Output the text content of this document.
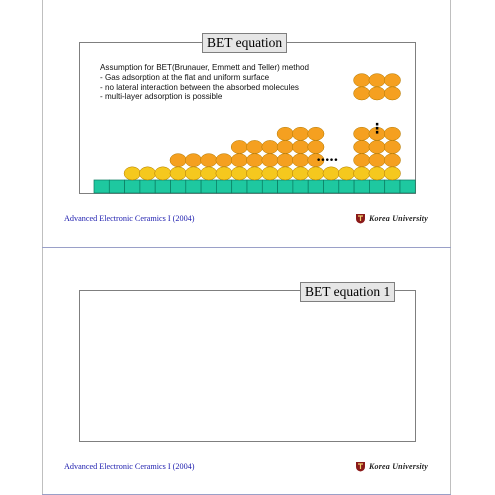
BET equation
Assumption for BET(Brunauer, Emmett and Teller) method
- Gas adsorption at the flat and uniform surface
- no lateral interaction between the absorbed molecules
- multi-layer adsorption is possible
•••••
⋮
Advanced Electronic Ceramics I (2004)	Korea University
BET equation 1
Advanced Electronic Ceramics I (2004)	Korea University
